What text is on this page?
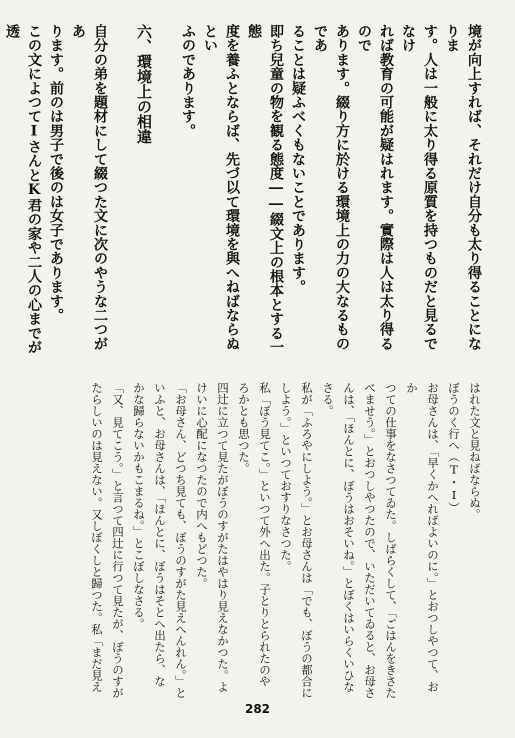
境が向上すれば、それだけ自分も太り得ることになりま
す。人は一般に太り得る原質を持つものだと見るでなけ
れば教育の可能が疑はれます。實際は人は太り得るので
あります。綴り方に於ける環境上の力の大なるものであ
ることは疑ふべくもないことであります。
即ち兒童の物を観る態度――綴文上の根本とする一態
度を養ふとならば、先づ以て環境を與へねばならぬとい
ふのであります。

六、環境上の相違

自分の弟を題材にして綴つた文に次のやうな二つがあ
ります。前のは男子で後のは女子であります。
この文によつてIさんとK君の家や二人の心までが透
はれた文と見ねばならぬ。
ぼうのく行へ（T・I）
お母さんは、「早くかへればよいのに。」とおつしやつて、おか
つての仕事をなさつてゐた。しばらくして、「ごはんをきさた
べませう。」とおつしやつたので、いただいてゐると、お母さ
んは、「ほんとに、ぼうはおそいね。」とぼくはいらくいひな
さる。
私が「ふろやにしよう。」とお母さんは「でも、ぼうの都合に
しよう。」といつておすりなさつた。
私「ぼう見てこ。」といつて外へ出た。子とりとられたのや
ろかとも思つた。
四辻に立つて見たがぼうのすがたはやはり見えなかつた。よ
けいに心配になつたので内へもどつた。
「お母さん、どつち見ても、ぼうのすがた見えへんれん。」と
いふと、お母さんは、「ほんとに、ぼうはそとへ出たら、な
かな歸らないかもこまるね。」とこぼしなさる。
「又、見てこう。」と言つて四辻に行つて見たが、ぼうのすが
たらしいのは見えない。又しぼくしと歸つた。私「まだ見え
282
